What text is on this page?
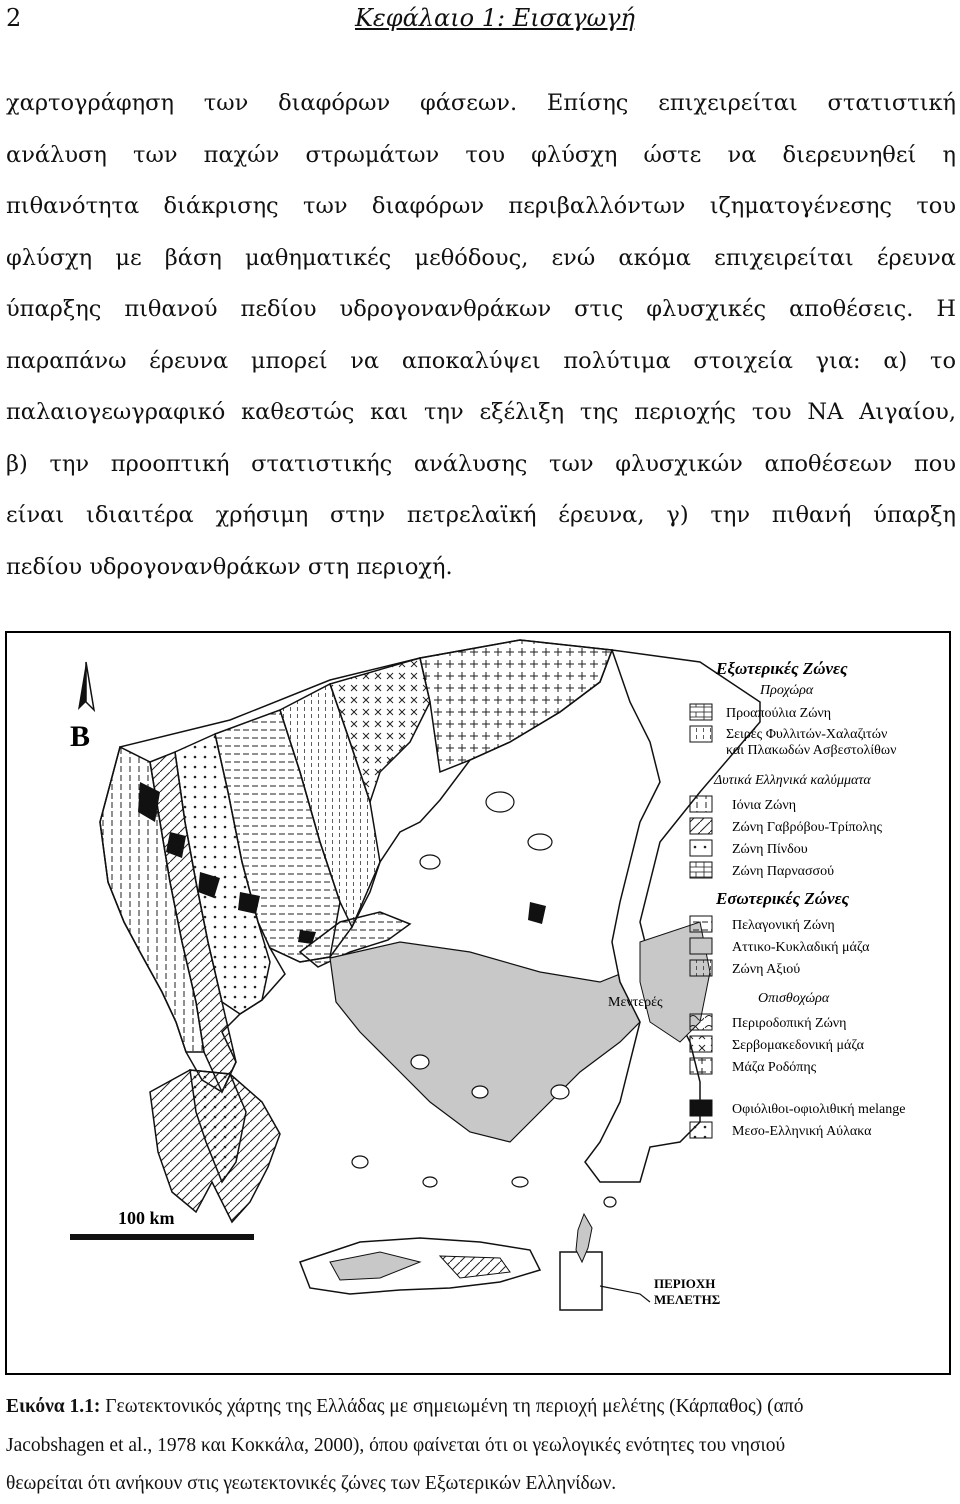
2	Κεφάλαιο 1: Εισαγωγή
χαρτογράφηση των διαφόρων φάσεων. Επίσης επιχειρείται στατιστική
ανάλυση των παχών στρωμάτων του φλύσχη ώστε να διερευνηθεί η
πιθανότητα διάκρισης των διαφόρων περιβαλλόντων ιζηματογένεσης του
φλύσχη με βάση μαθηματικές μεθόδους, ενώ ακόμα επιχειρείται έρευνα
ύπαρξης πιθανού πεδίου υδρογονανθράκων στις φλυσχικές αποθέσεις. Η
παραπάνω έρευνα μπορεί να αποκαλύψει πολύτιμα στοιχεία για: α) το
παλαιογεωγραφικό καθεστώς και την εξέλιξη της περιοχής του ΝΑ Αιγαίου,
β) την προοπτική στατιστικής ανάλυσης των φλυσχικών αποθέσεων που
είναι ιδιαιτέρα χρήσιμη στην πετρελαϊκή έρευνα, γ) την πιθανή ύπαρξη
πεδίου υδρογονανθράκων στη περιοχή.
Β
Μεντερές
ΠΕΡΙΟΧΗ
ΜΕΛΕΤΗΣ
100 km
Εξωτερικές Ζώνες
Προχώρα
Προαπούλια Ζώνη
Σειρές Φυλλιτών-Χαλαζιτών
και Πλακωδών Ασβεστολίθων
Δυτικά Ελληνικά καλύμματα
Ιόνια Ζώνη
Ζώνη Γαβρόβου-Τρίπολης
Ζώνη Πίνδου
Ζώνη Παρνασσού
Εσωτερικές Ζώνες
Πελαγονική Ζώνη
Αττικο-Κυκλαδική μάζα
Ζώνη Αξιού
Οπισθοχώρα
Περιροδοπική Ζώνη
Σερβομακεδονική μάζα
Μάζα Ροδόπης
Οφιόλιθοι-οφιολιθική melange
Μεσο-Ελληνική Αύλακα
Εικόνα 1.1: Γεωτεκτονικός χάρτης της Ελλάδας με σημειωμένη τη περιοχή μελέτης (Κάρπαθος) (από
Jacobshagen et al., 1978 και Κοκκάλα, 2000), όπου φαίνεται ότι οι γεωλογικές ενότητες του νησιού
θεωρείται ότι ανήκουν στις γεωτεκτονικές ζώνες των Εξωτερικών Ελληνίδων.
